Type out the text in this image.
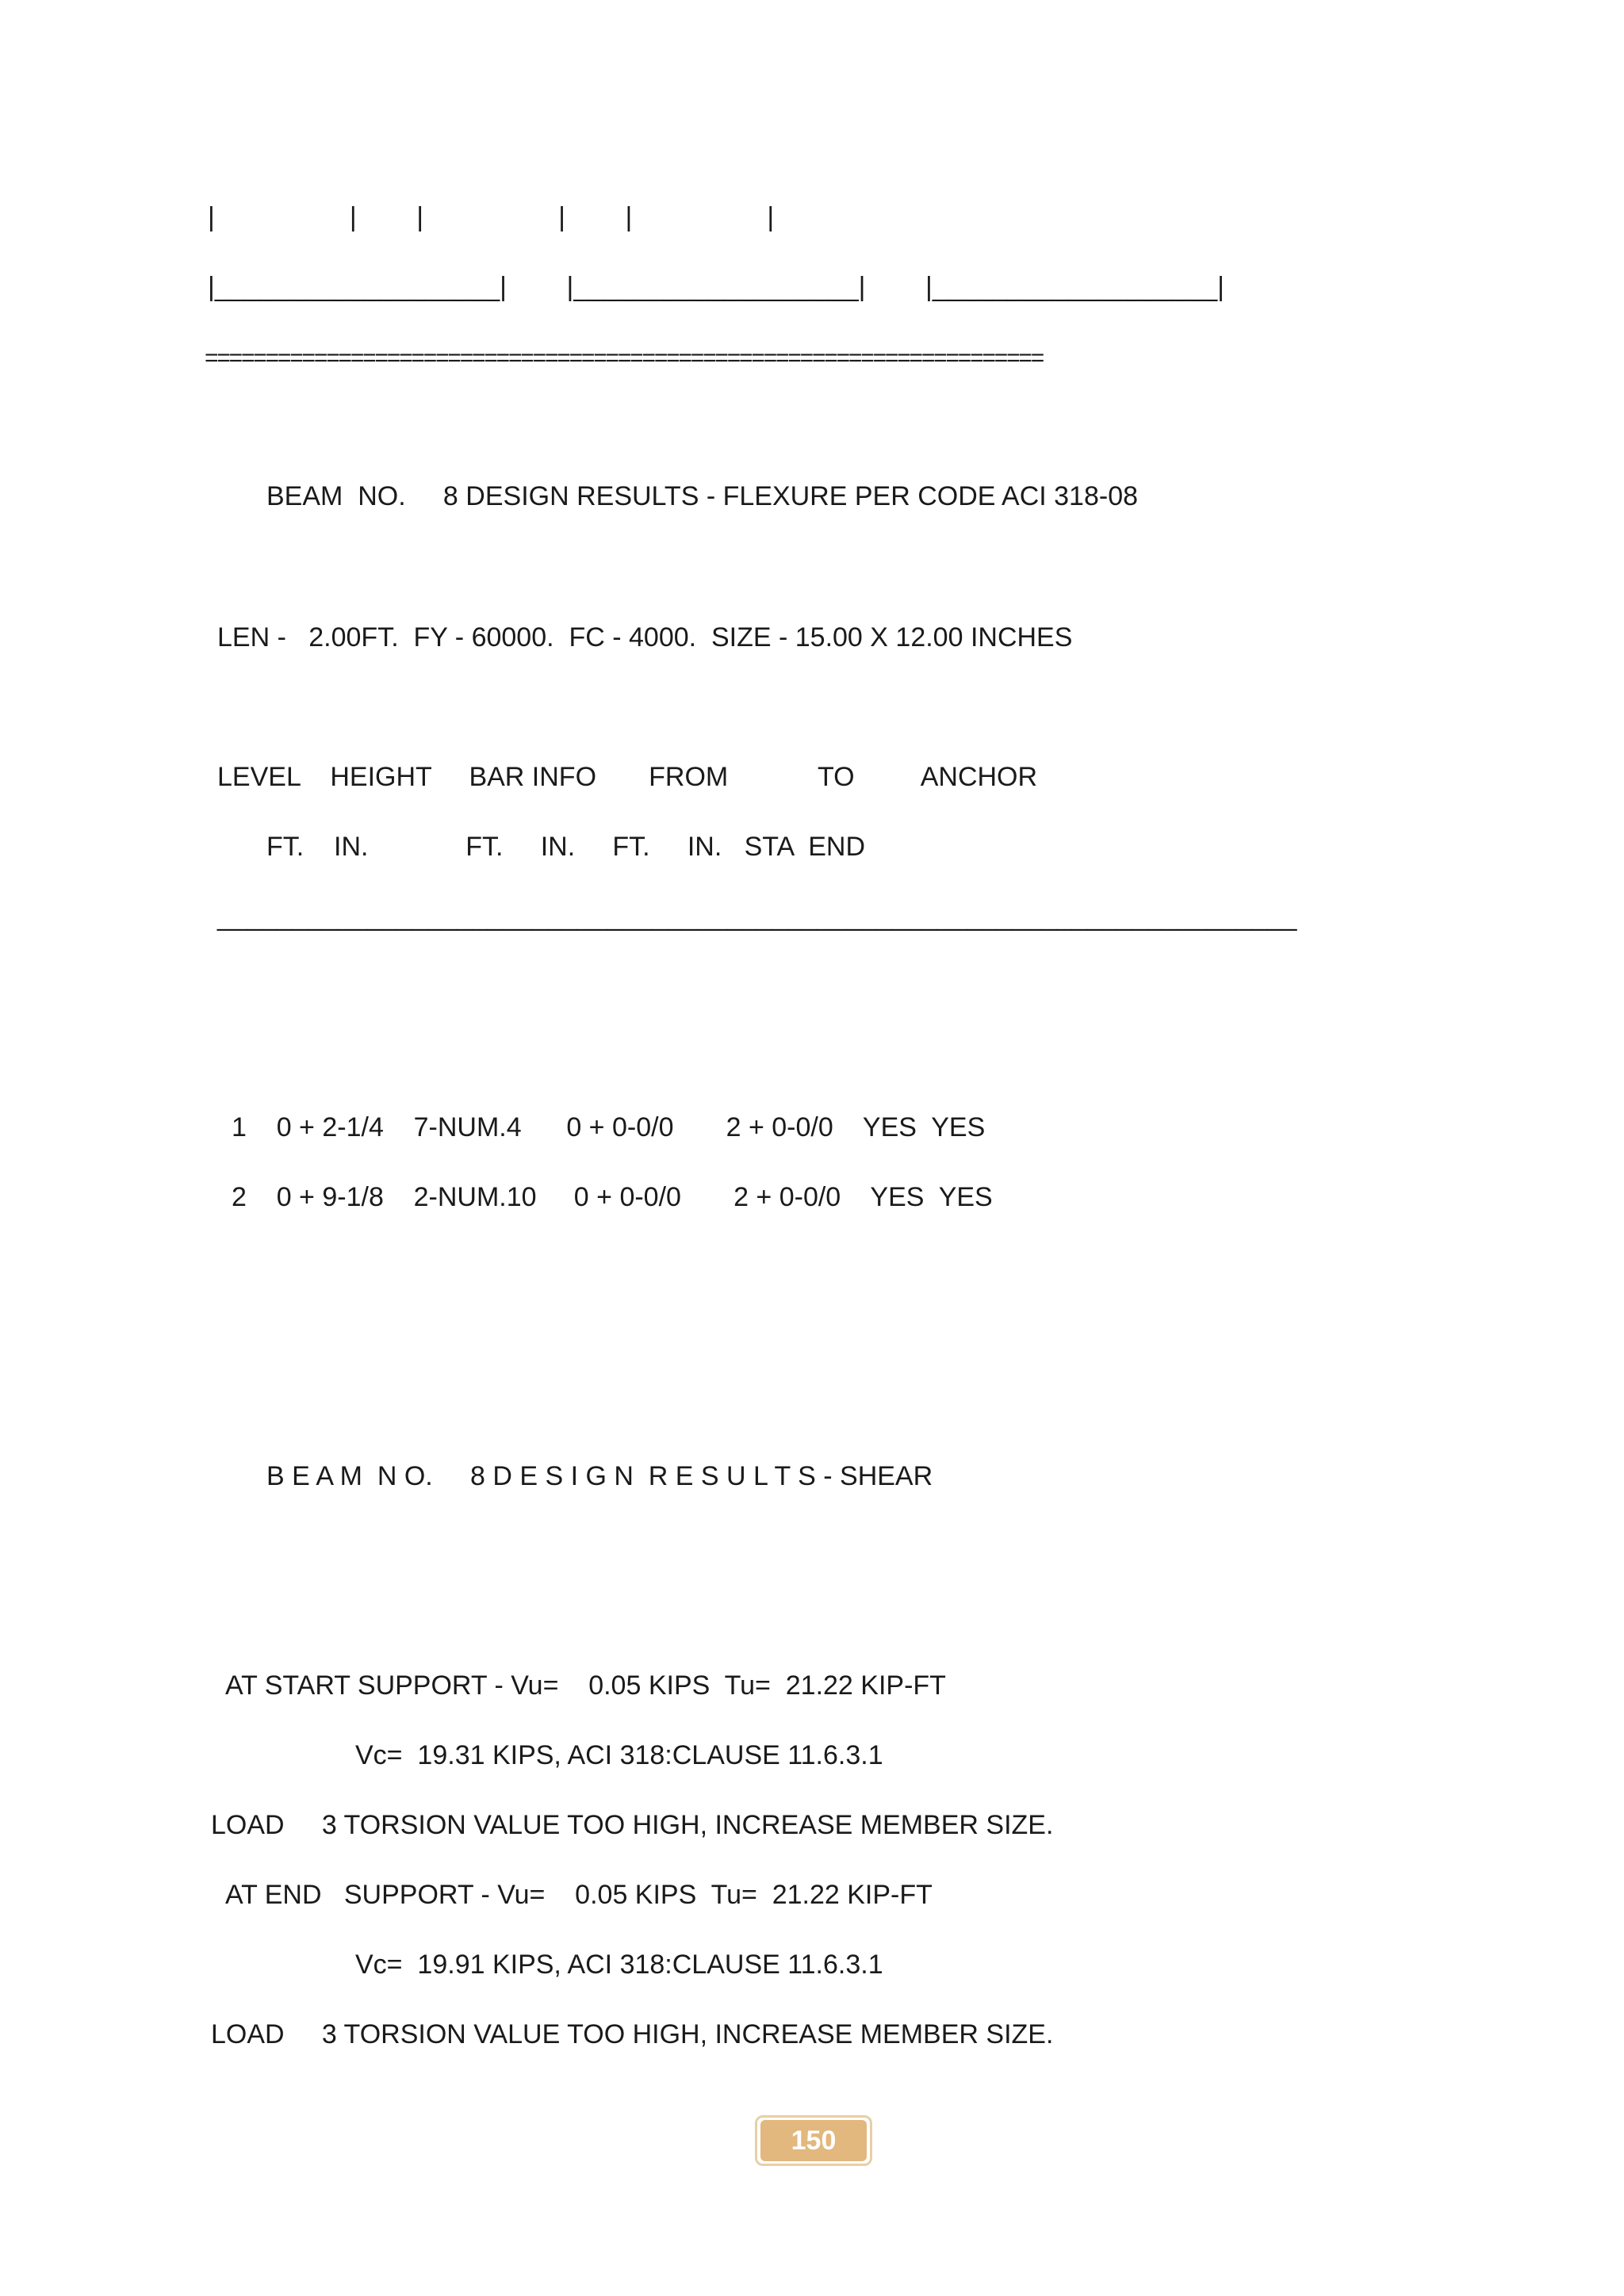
|                  |        |                  |        |                  |
|___________________|        |___________________|        |___________________|
=====================================================================
BEAM  NO.     8 DESIGN RESULTS - FLEXURE PER CODE ACI 318-08
LEN -   2.00FT.  FY - 60000.  FC - 4000.  SIZE - 15.00 X 12.00 INCHES
LEVEL    HEIGHT     BAR INFO       FROM            TO         ANCHOR
FT.    IN.             FT.     IN.     FT.     IN.   STA  END
________________________________________________________________________
1    0 + 2-1/4    7-NUM.4      0 + 0-0/0       2 + 0-0/0    YES  YES
2    0 + 9-1/8    2-NUM.10     0 + 0-0/0       2 + 0-0/0    YES  YES
B E A M  N O.     8 D E S I G N  R E S U L T S - SHEAR
AT START SUPPORT - Vu=    0.05 KIPS  Tu=  21.22 KIP-FT
Vc=  19.31 KIPS, ACI 318:CLAUSE 11.6.3.1
LOAD     3 TORSION VALUE TOO HIGH, INCREASE MEMBER SIZE.
AT END   SUPPORT - Vu=    0.05 KIPS  Tu=  21.22 KIP-FT
Vc=  19.91 KIPS, ACI 318:CLAUSE 11.6.3.1
LOAD     3 TORSION VALUE TOO HIGH, INCREASE MEMBER SIZE.
150
